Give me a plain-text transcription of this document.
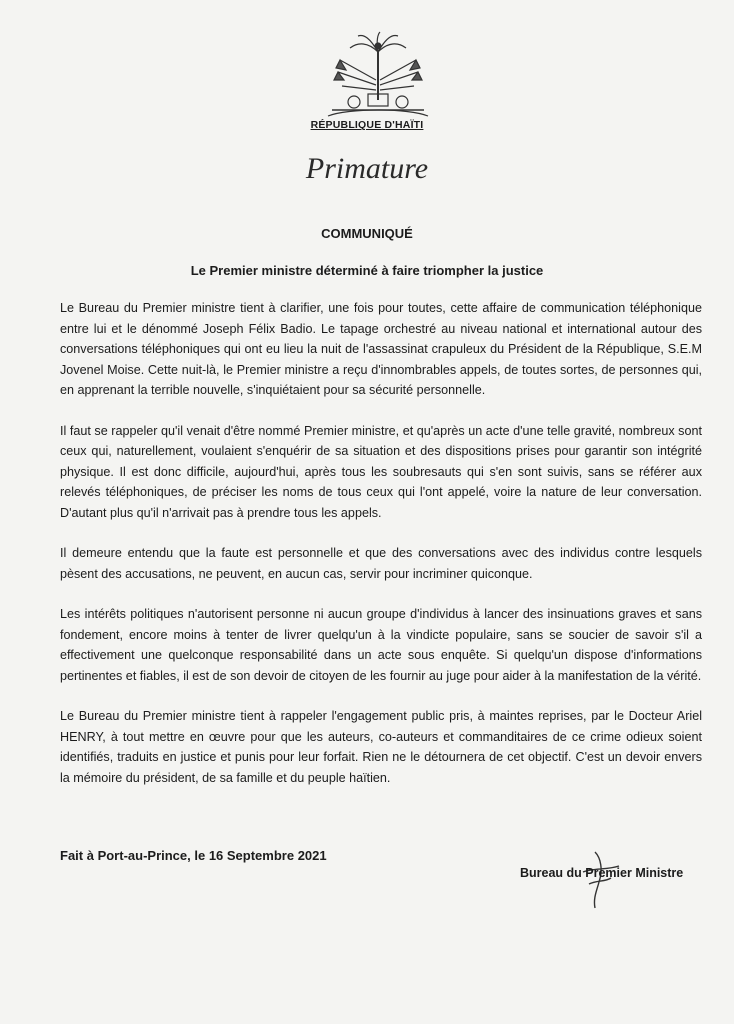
RÉPUBLIQUE D'HAÏTI
Primature
COMMUNIQUÉ
Le Premier ministre déterminé à faire triompher la justice

Le Bureau du Premier ministre tient à clarifier, une fois pour toutes, cette affaire de communication téléphonique entre lui et le dénommé Joseph Félix Badio. Le tapage orchestré au niveau national et international autour des conversations téléphoniques qui ont eu lieu la nuit de l'assassinat crapuleux du Président de la République, S.E.M Jovenel Moise. Cette nuit-là, le Premier ministre a reçu d'innombrables appels, de toutes sortes, de personnes qui, en apprenant la terrible nouvelle, s'inquiétaient pour sa sécurité personnelle.

Il faut se rappeler qu'il venait d'être nommé Premier ministre, et qu'après un acte d'une telle gravité, nombreux sont ceux qui, naturellement, voulaient s'enquérir de sa situation et des dispositions prises pour garantir son intégrité physique. Il est donc difficile, aujourd'hui, après tous les soubresauts qui s'en sont suivis, sans se référer aux relevés téléphoniques, de préciser les noms de tous ceux qui l'ont appelé, voire la nature de leur conversation. D'autant plus qu'il n'arrivait pas à prendre tous les appels.

Il demeure entendu que la faute est personnelle et que des conversations avec des individus contre lesquels pèsent des accusations, ne peuvent, en aucun cas, servir pour incriminer quiconque.

Les intérêts politiques n'autorisent personne ni aucun groupe d'individus à lancer des insinuations graves et sans fondement, encore moins à tenter de livrer quelqu'un à la vindicte populaire, sans se soucier de savoir s'il a effectivement une quelconque responsabilité dans un acte sous enquête. Si quelqu'un dispose d'informations pertinentes et fiables, il est de son devoir de citoyen de les fournir au juge pour aider à la manifestation de la vérité.

Le Bureau du Premier ministre tient à rappeler l'engagement public pris, à maintes reprises, par le Docteur Ariel HENRY, à tout mettre en œuvre pour que les auteurs, co-auteurs et commanditaires de ce crime odieux soient identifiés, traduits en justice et punis pour leur forfait. Rien ne le détournera de cet objectif. C'est un devoir envers la mémoire du président, de sa famille et du peuple haïtien.

Fait à Port-au-Prince, le 16 Septembre 2021
Bureau du Premier Ministre
